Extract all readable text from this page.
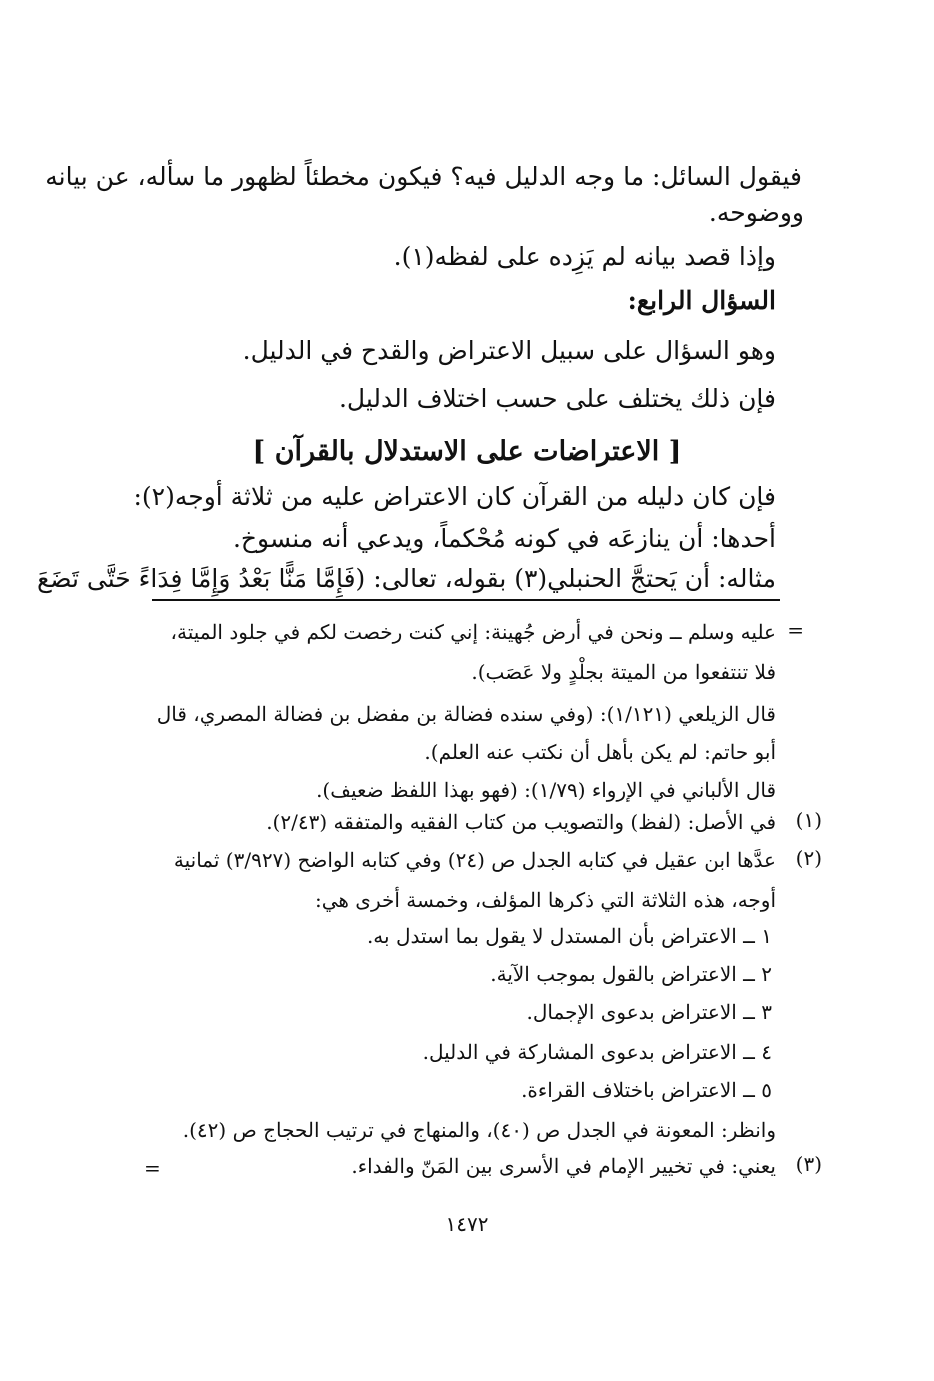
فيقول السائل: ما وجه الدليل فيه؟ فيكون مخطئاً لظهور ما سأله، عن بيانه
ووضوحه.
وإذا قصد بيانه لم يَزِده على لفظه(١).
السؤال الرابع:
وهو السؤال على سبيل الاعتراض والقدح في الدليل.
فإن ذلك يختلف على حسب اختلاف الدليل.
[ الاعتراضات على الاستدلال بالقرآن ]
فإن كان دليله من القرآن كان الاعتراض عليه من ثلاثة أوجه(٢):
أحدها: أن ينازعَه في كونه مُحْكماً، ويدعي أنه منسوخ.
مثاله: أن يَحتجَّ الحنبلي(٣) بقوله، تعالى: (فَإِمَّا مَنًّا بَعْدُ وَإِمَّا فِدَاءً حَتَّى تَضَعَ
=
عليه وسلم ــ ونحن في أرض جُهينة: إني كنت رخصت لكم في جلود الميتة،
فلا تنتفعوا من الميتة بجلْدٍ ولا عَصَب).
قال الزيلعي (١/١٢١): (وفي سنده فضالة بن مفضل بن فضالة المصري، قال
أبو حاتم: لم يكن بأهل أن نكتب عنه العلم).
قال الألباني في الإرواء (١/٧٩): (فهو بهذا اللفظ ضعيف).
(١)
في الأصل: (لفظ) والتصويب من كتاب الفقيه والمتفقه (٢/٤٣).
(٢)
عدَّها ابن عقيل في كتابه الجدل ص (٢٤) وفي كتابه الواضح (٣/٩٢٧) ثمانية
أوجه، هذه الثلاثة التي ذكرها المؤلف، وخمسة أخرى هي:
١ ــ الاعتراض بأن المستدل لا يقول بما استدل به.
٢ ــ الاعتراض بالقول بموجب الآية.
٣ ــ الاعتراض بدعوى الإجمال.
٤ ــ الاعتراض بدعوى المشاركة في الدليل.
٥ ــ الاعتراض باختلاف القراءة.
وانظر: المعونة في الجدل ص (٤٠)، والمنهاج في ترتيب الحجاج ص (٤٢).
(٣)
يعني: في تخيير الإمام في الأسرى بين المَنّ والفداء.
=
١٤٧٢
